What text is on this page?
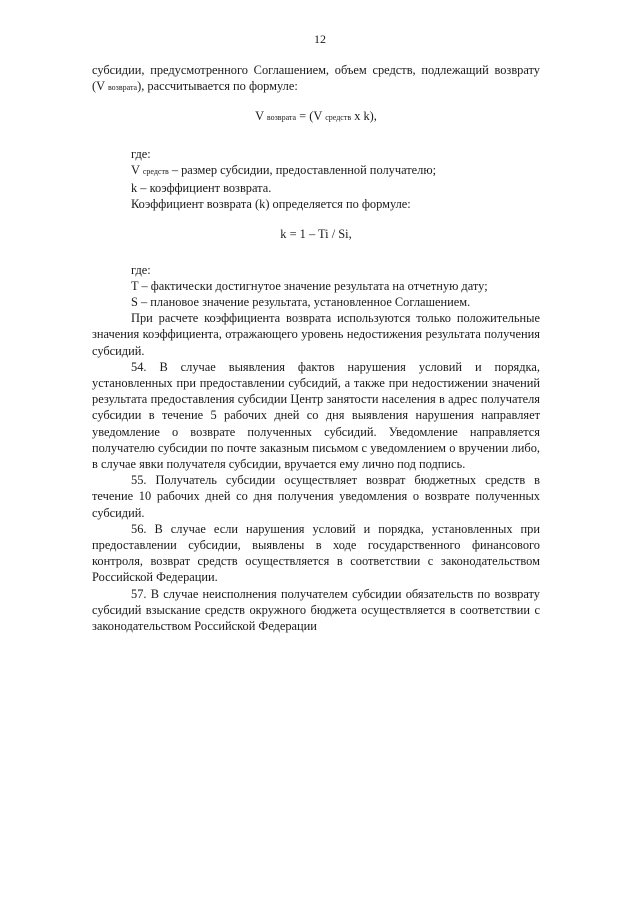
12

субсидии, предусмотренного Соглашением, объем средств, подлежащий возврату

(V возврата), рассчитывается по формуле:

V возврата = (V средств х k),

где:

V средств – размер субсидии, предоставленной получателю;

k – коэффициент возврата.

Коэффициент возврата (k) определяется по формуле:

k = 1 – Ti / Si,

где:

T – фактически достигнутое значение результата на отчетную дату;

S – плановое значение результата, установленное Соглашением.

При расчете коэффициента возврата используются только положительные значения коэффициента, отражающего уровень недостижения результата получения субсидий.

54. В случае выявления фактов нарушения условий и порядка, установленных при предоставлении субсидий, а также при недостижении значений результата предоставления субсидии Центр занятости населения в адрес получателя субсидии в течение 5 рабочих дней со дня выявления нарушения направляет уведомление о возврате полученных субсидий. Уведомление направляется получателю субсидии по почте заказным письмом с уведомлением о вручении либо, в случае явки получателя субсидии, вручается ему лично под подпись.

55. Получатель субсидии осуществляет возврат бюджетных средств в течение 10 рабочих дней со дня получения уведомления о возврате полученных субсидий.

56. В случае если нарушения условий и порядка, установленных при предоставлении субсидии, выявлены в ходе государственного финансового контроля, возврат средств осуществляется в соответствии с законодательством Российской Федерации.

57. В случае неисполнения получателем субсидии обязательств по возврату субсидий взыскание средств окружного бюджета осуществляется в соответствии с законодательством Российской Федерации
